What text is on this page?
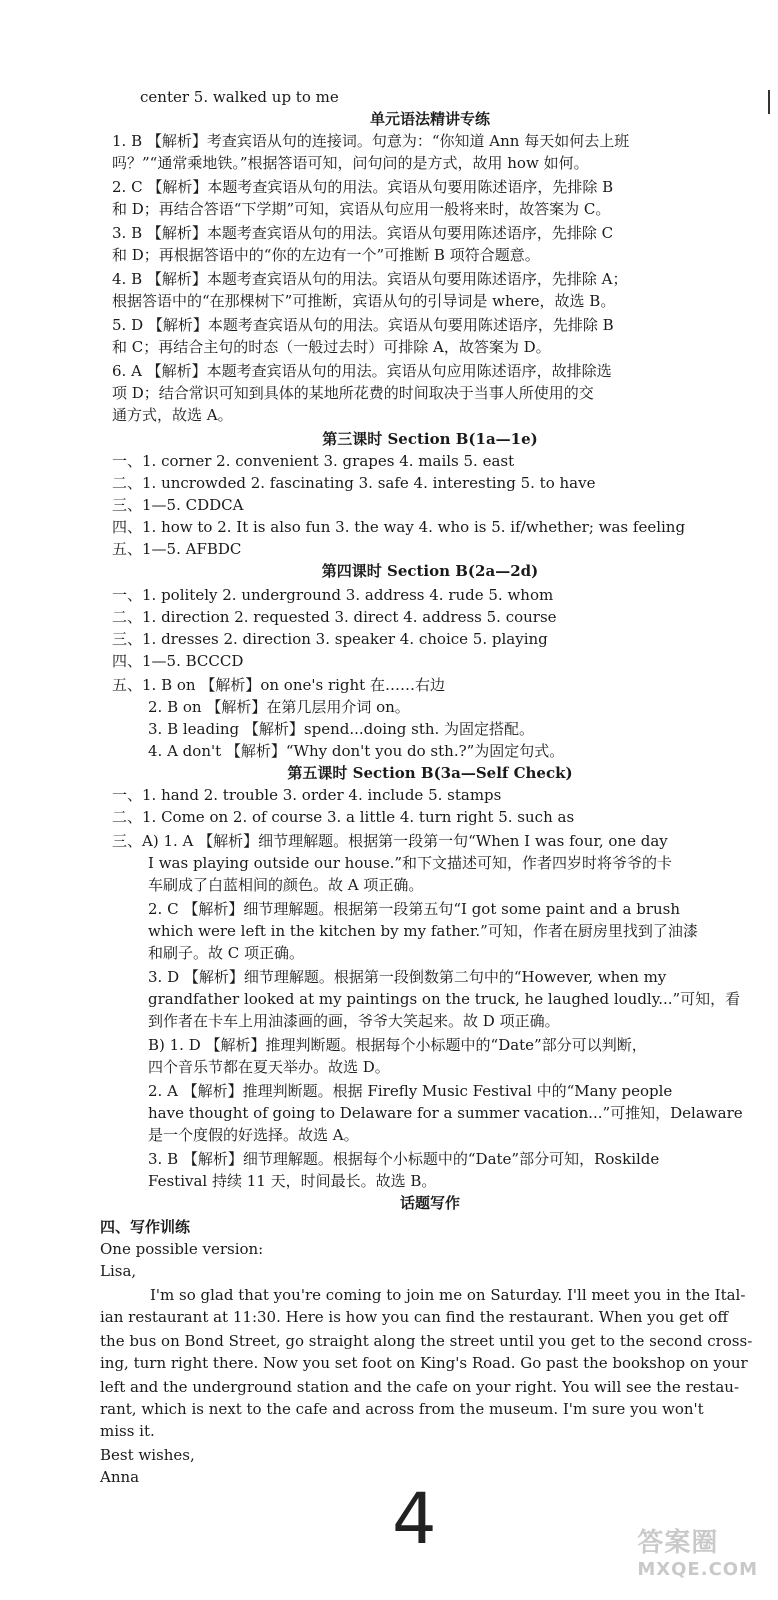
center 5. walked up to me
单元语法精讲专练
1. B 【解析】考查宾语从句的连接词。句意为：“你知道 Ann 每天如何去上班
吗？”“通常乘地铁。”根据答语可知，问句问的是方式，故用 how 如何。
2. C 【解析】本题考查宾语从句的用法。宾语从句要用陈述语序，先排除 B
和 D；再结合答语“下学期”可知，宾语从句应用一般将来时，故答案为 C。
3. B 【解析】本题考查宾语从句的用法。宾语从句要用陈述语序，先排除 C
和 D；再根据答语中的“你的左边有一个”可推断 B 项符合题意。
4. B 【解析】本题考查宾语从句的用法。宾语从句要用陈述语序，先排除 A；
根据答语中的“在那棵树下”可推断，宾语从句的引导词是 where，故选 B。
5. D 【解析】本题考查宾语从句的用法。宾语从句要用陈述语序，先排除 B
和 C；再结合主句的时态（一般过去时）可排除 A，故答案为 D。
6. A 【解析】本题考查宾语从句的用法。宾语从句应用陈述语序，故排除选
项 D；结合常识可知到具体的某地所花费的时间取决于当事人所使用的交
通方式，故选 A。
第三课时 Section B(1a—1e)
一、1. corner 2. convenient 3. grapes 4. mails 5. east
二、1. uncrowded 2. fascinating 3. safe 4. interesting 5. to have
三、1—5. CDDCA
四、1. how to 2. It is also fun 3. the way 4. who is 5. if/whether; was feeling
五、1—5. AFBDC
第四课时 Section B(2a—2d)
一、1. politely 2. underground 3. address 4. rude 5. whom
二、1. direction 2. requested 3. direct 4. address 5. course
三、1. dresses 2. direction 3. speaker 4. choice 5. playing
四、1—5. BCCCD
五、1. B on 【解析】on one's right 在……右边
2. B on 【解析】在第几层用介词 on。
3. B leading 【解析】spend...doing sth. 为固定搭配。
4. A don't 【解析】“Why don't you do sth.?”为固定句式。
第五课时 Section B(3a—Self Check)
一、1. hand 2. trouble 3. order 4. include 5. stamps
二、1. Come on 2. of course 3. a little 4. turn right 5. such as
三、A) 1. A 【解析】细节理解题。根据第一段第一句“When I was four, one day
I was playing outside our house.”和下文描述可知，作者四岁时将爷爷的卡
车刷成了白蓝相间的颜色。故 A 项正确。
2. C 【解析】细节理解题。根据第一段第五句“I got some paint and a brush
which were left in the kitchen by my father.”可知，作者在厨房里找到了油漆
和刷子。故 C 项正确。
3. D 【解析】细节理解题。根据第一段倒数第二句中的“However, when my
grandfather looked at my paintings on the truck, he laughed loudly...”可知，看
到作者在卡车上用油漆画的画，爷爷大笑起来。故 D 项正确。
B) 1. D 【解析】推理判断题。根据每个小标题中的“Date”部分可以判断，
四个音乐节都在夏天举办。故选 D。
2. A 【解析】推理判断题。根据 Firefly Music Festival 中的“Many people
have thought of going to Delaware for a summer vacation...”可推知，Delaware
是一个度假的好选择。故选 A。
3. B 【解析】细节理解题。根据每个小标题中的“Date”部分可知，Roskilde
Festival 持续 11 天，时间最长。故选 B。
话题写作
四、写作训练
One possible version:
Lisa,
I'm so glad that you're coming to join me on Saturday. I'll meet you in the Ital-
ian restaurant at 11:30. Here is how you can find the restaurant. When you get off
the bus on Bond Street, go straight along the street until you get to the second cross-
ing, turn right there. Now you set foot on King's Road. Go past the bookshop on your
left and the underground station and the cafe on your right. You will see the restau-
rant, which is next to the cafe and across from the museum. I'm sure you won't
miss it.
Best wishes,
Anna
4	答案圈
MXQE.COM
